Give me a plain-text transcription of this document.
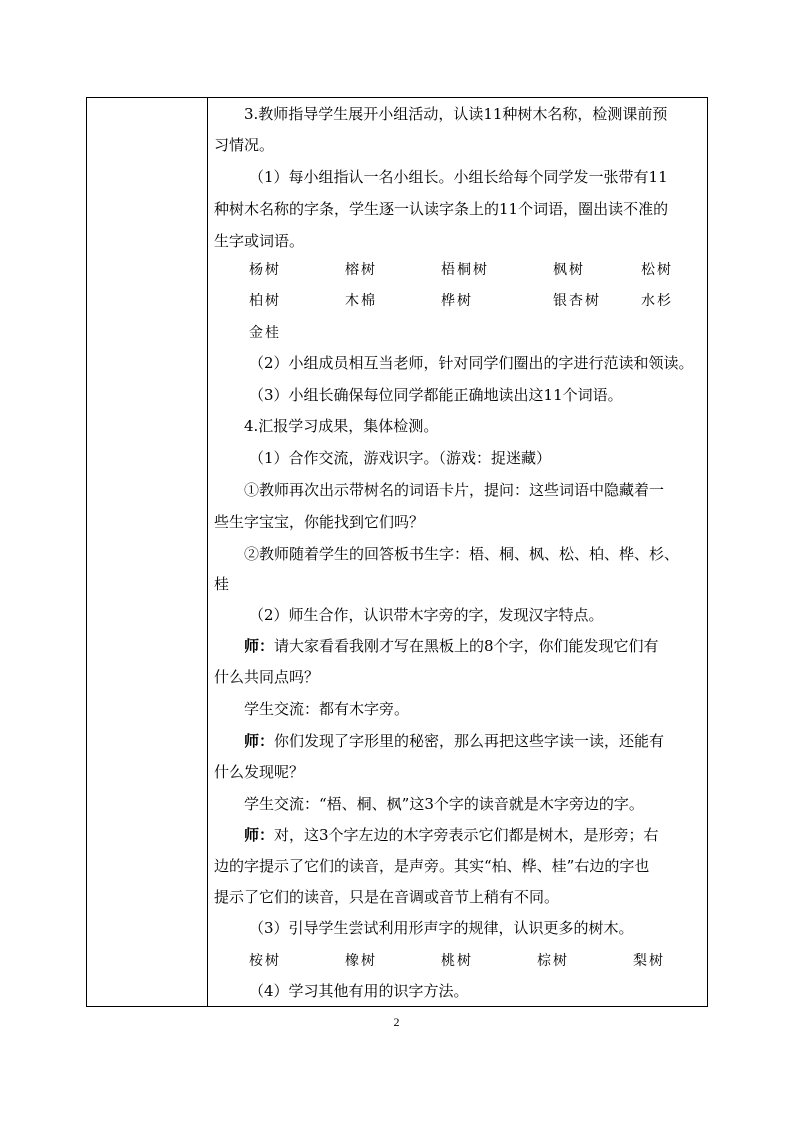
3.教师指导学生展开小组活动，认读11种树木名称，检测课前预
习情况。
（1）每小组指认一名小组长。小组长给每个同学发一张带有11
种树木名称的字条，学生逐一认读字条上的11个词语，圈出读不准的
生字或词语。
杨树	榕树	梧桐树	枫树	松树
柏树	木棉	桦树	银杏树	水杉
金桂
（2）小组成员相互当老师，针对同学们圈出的字进行范读和领读。
（3）小组长确保每位同学都能正确地读出这11个词语。
4.汇报学习成果，集体检测。
（1）合作交流，游戏识字。（游戏：捉迷藏）
①教师再次出示带树名的词语卡片，提问：这些词语中隐藏着一
些生字宝宝，你能找到它们吗？
②教师随着学生的回答板书生字：梧、桐、枫、松、柏、桦、杉、
桂
（2）师生合作，认识带木字旁的字，发现汉字特点。
师：请大家看看我刚才写在黑板上的8个字，你们能发现它们有
什么共同点吗？
学生交流：都有木字旁。
师：你们发现了字形里的秘密，那么再把这些字读一读，还能有
什么发现呢？
学生交流：“梧、桐、枫”这3个字的读音就是木字旁边的字。
师：对，这3个字左边的木字旁表示它们都是树木，是形旁；右
边的字提示了它们的读音，是声旁。其实“柏、桦、桂”右边的字也
提示了它们的读音，只是在音调或音节上稍有不同。
（3）引导学生尝试利用形声字的规律，认识更多的树木。
桉树	橡树	桃树	棕树	梨树
（4）学习其他有用的识字方法。
2
